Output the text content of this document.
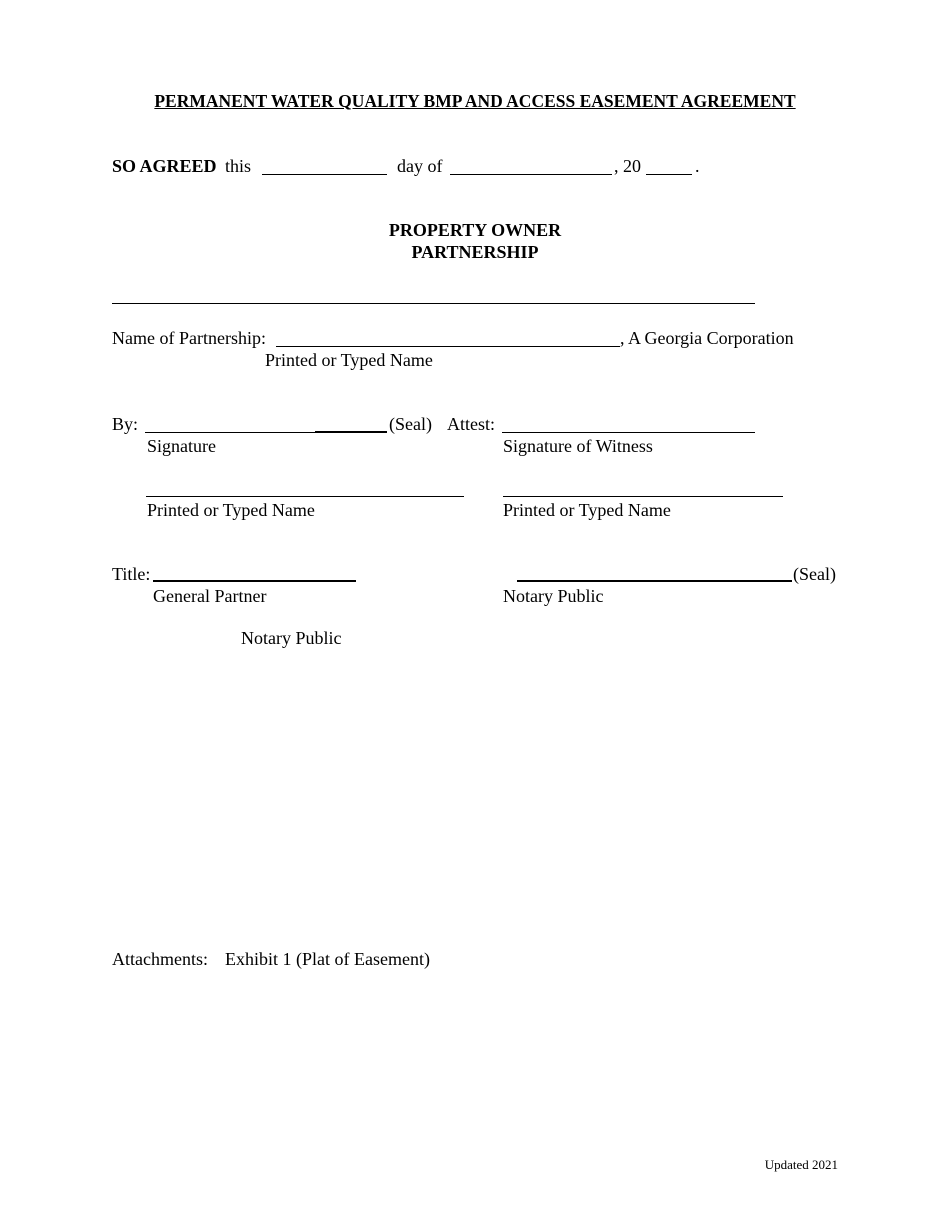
PERMANENT WATER QUALITY BMP AND ACCESS EASEMENT AGREEMENT
SO AGREED this	day of	, 20	.
PROPERTY OWNER
PARTNERSHIP
Name of Partnership:	, A Georgia Corporation
Printed or Typed Name
By:	(Seal) Attest:
Signature	Signature of Witness
Printed or Typed Name	Printed or Typed Name
Title:	(Seal)
General Partner	Notary Public
Notary Public
Attachments: Exhibit 1 (Plat of Easement)
Updated 2021
